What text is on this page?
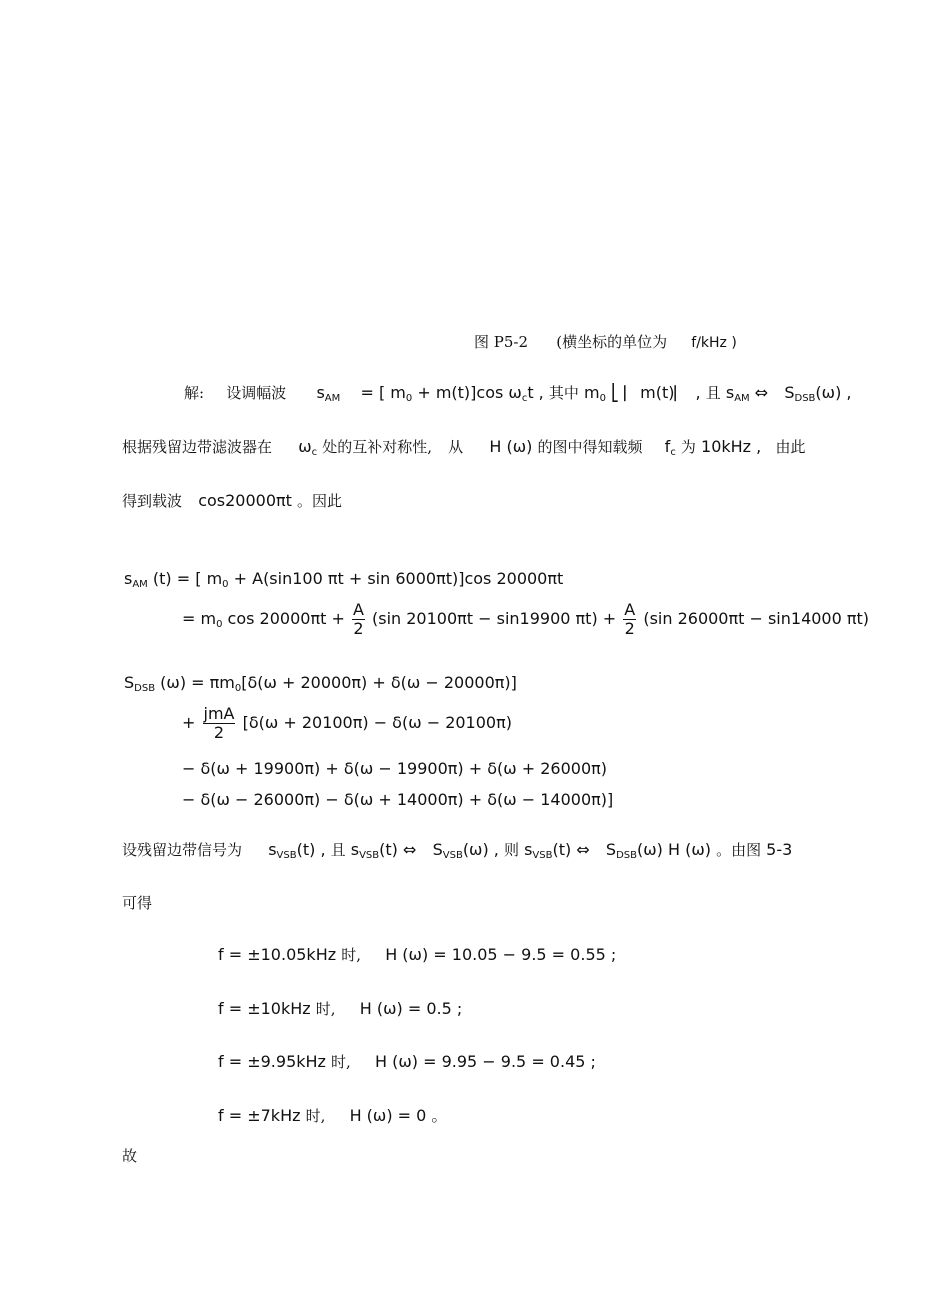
图 P5-2 (横坐标的单位为 f/kHz )
解: 设调幅波 $s_{AM}$ = [ $m_0 + m(t)]\cos$ $\omega_ct$ , 其中 $m_0$ ⎣ ⎸m(t)⎸ , 且 $s_{AM}$ ⇔ $S_{DSB}(\omega)$ ,
根据残留边带滤波器在 $\omega_c$ 处的互补对称性, 从 H (ω) 的图中得知载频 $f_c$ 为 10kHz , 由此
得到载波 cos20000πt 。因此
$s_{AM}$ (t) = [ $m_0 + A(\sin 100$ πt + sin 6000πt)]cos 20000πt
= $m_0$ $\cos 20000\pi t + \frac{A}{2} (\sin$ 20100πt − sin19900 $\pi t) + \frac{A}{2} (\sin$ 26000πt − sin14000 πt)
$S_{DSB}$ $(\omega) = \pi m_0[\delta(\omega + 20000\pi) + \delta(\omega - 20000\pi)]$
+ $\frac{\text{jmA}}{2} [\delta(\omega + 20100\pi) - \delta(\omega - 20100\pi)$
− δ(ω + 19900π) + δ(ω − 19900π) + δ(ω + 26000π)
− δ(ω − 26000π) − δ(ω + 14000π) + δ(ω − 14000π)]
设残留边带信号为 $s_{VSB}(t)$ , 且 $s_{VSB}(t)$ ⇔ $S_{VSB}(\omega)$ , 则 $s_{VSB}(t)$ ⇔ $S_{DSB}(\omega)$ H (ω) 。由图 5-3
可得
f = ±10.05kHz 时, H (ω) = 10.05 − 9.5 = 0.55 ;
f = ±10kHz 时, H (ω) = 0.5 ;
f = ±9.95kHz 时, H (ω) = 9.95 − 9.5 = 0.45 ;
f = ±7kHz 时, H (ω) = 0 。
故
